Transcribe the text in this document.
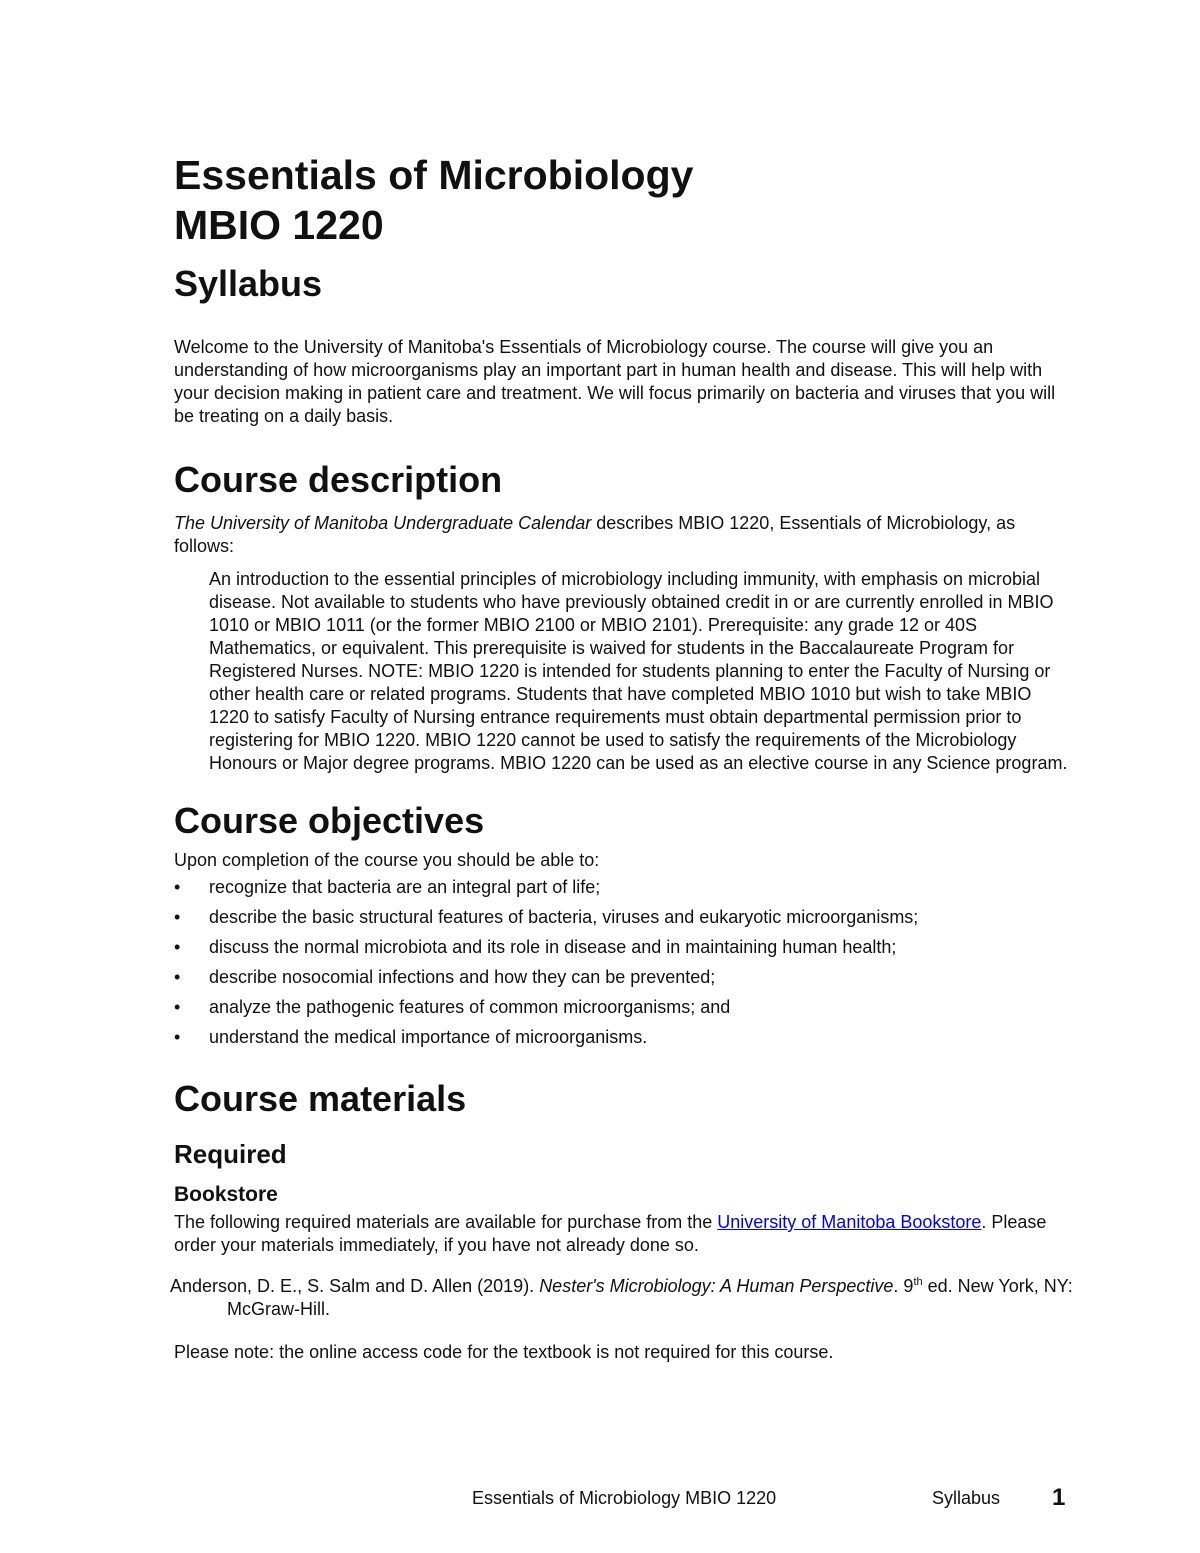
Essentials of Microbiology
MBIO 1220
Syllabus

Welcome to the University of Manitoba's Essentials of Microbiology course. The course will give you an understanding of how microorganisms play an important part in human health and disease. This will help with your decision making in patient care and treatment. We will focus primarily on bacteria and viruses that you will be treating on a daily basis.

Course description

The University of Manitoba Undergraduate Calendar describes MBIO 1220, Essentials of Microbiology, as follows:

An introduction to the essential principles of microbiology including immunity, with emphasis on microbial disease. Not available to students who have previously obtained credit in or are currently enrolled in MBIO 1010 or MBIO 1011 (or the former MBIO 2100 or MBIO 2101). Prerequisite: any grade 12 or 40S Mathematics, or equivalent. This prerequisite is waived for students in the Baccalaureate Program for Registered Nurses. NOTE: MBIO 1220 is intended for students planning to enter the Faculty of Nursing or other health care or related programs. Students that have completed MBIO 1010 but wish to take MBIO 1220 to satisfy Faculty of Nursing entrance requirements must obtain departmental permission prior to registering for MBIO 1220. MBIO 1220 cannot be used to satisfy the requirements of the Microbiology Honours or Major degree programs. MBIO 1220 can be used as an elective course in any Science program.

Course objectives

Upon completion of the course you should be able to:

• recognize that bacteria are an integral part of life;
• describe the basic structural features of bacteria, viruses and eukaryotic microorganisms;
• discuss the normal microbiota and its role in disease and in maintaining human health;
• describe nosocomial infections and how they can be prevented;
• analyze the pathogenic features of common microorganisms; and
• understand the medical importance of microorganisms.
Course materials
Required
Bookstore

The following required materials are available for purchase from the University of Manitoba Bookstore. Please order your materials immediately, if you have not already done so.

Anderson, D. E., S. Salm and D. Allen (2019). Nester's Microbiology: A Human Perspective. 9th ed. New York, NY: McGraw-Hill.

Please note: the online access code for the textbook is not required for this course.

Essentials of Microbiology MBIO 1220	Syllabus 1
